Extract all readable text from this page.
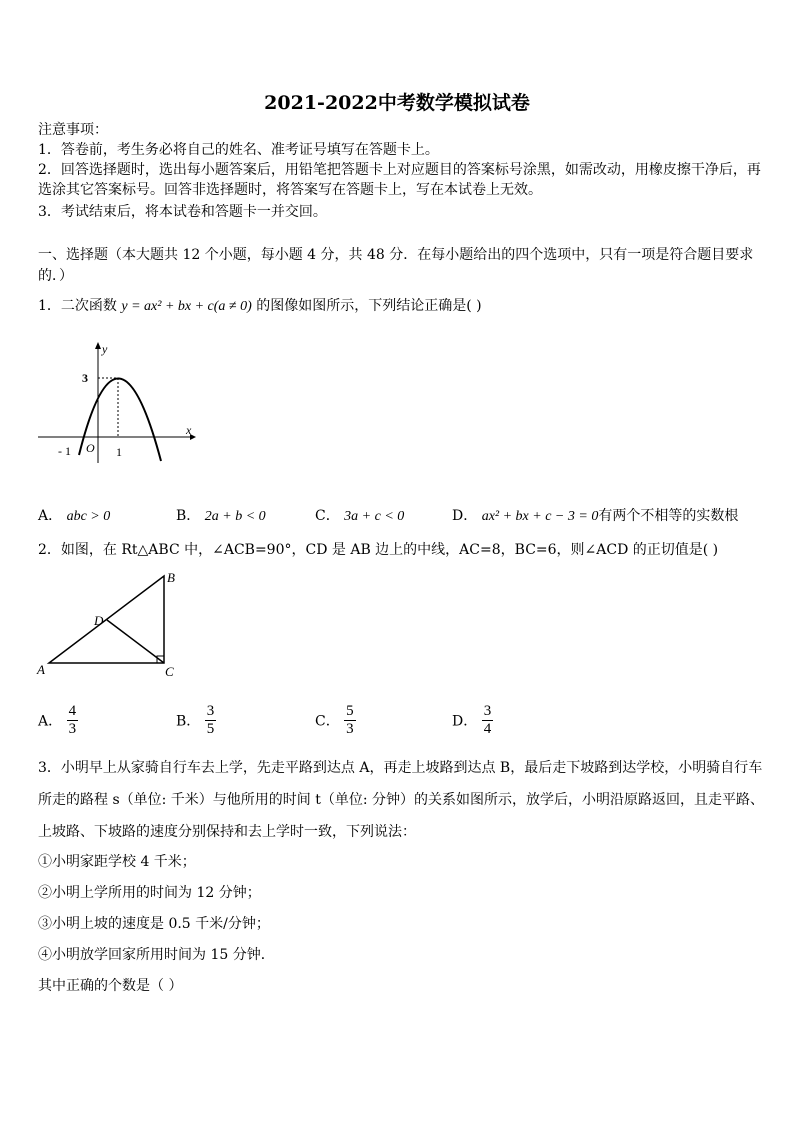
2021-2022中考数学模拟试卷
注意事项：
1．答卷前，考生务必将自己的姓名、准考证号填写在答题卡上。
2．回答选择题时，选出每小题答案后，用铅笔把答题卡上对应题目的答案标号涂黑，如需改动，用橡皮擦干净后，再
选涂其它答案标号。回答非选择题时，将答案写在答题卡上，写在本试卷上无效。
3．考试结束后，将本试卷和答题卡一并交回。
一、选择题（本大题共 12 个小题，每小题 4 分，共 48 分．在每小题给出的四个选项中，只有一项是符合题目要求
的．）
1．二次函数 y = ax² + bx + c(a ≠ 0) 的图像如图所示，下列结论正确是( )
y
x
3
- 1 O 1
A． abc > 0	B． 2a + b < 0	C． 3a + c < 0	D． ax² + bx + c − 3 = 0有两个不相等的实数根
2．如图，在 Rt△ABC 中，∠ACB=90°，CD 是 AB 边上的中线，AC=8，BC=6，则∠ACD 的正切值是( )
A
B
C
D
A． $\frac{4}{3}$	B． $\frac{3}{5}$	C． $\frac{5}{3}$	D． $\frac{3}{4}$
3．小明早上从家骑自行车去上学，先走平路到达点 A，再走上坡路到达点 B，最后走下坡路到达学校，小明骑自行车
所走的路程 s（单位: 千米）与他所用的时间 t（单位: 分钟）的关系如图所示，放学后，小明沿原路返回，且走平路、
上坡路、下坡路的速度分别保持和去上学时一致，下列说法：
①小明家距学校 4 千米；
②小明上学所用的时间为 12 分钟；
③小明上坡的速度是 0.5 千米/分钟；
④小明放学回家所用时间为 15 分钟．
其中正确的个数是（ ）
